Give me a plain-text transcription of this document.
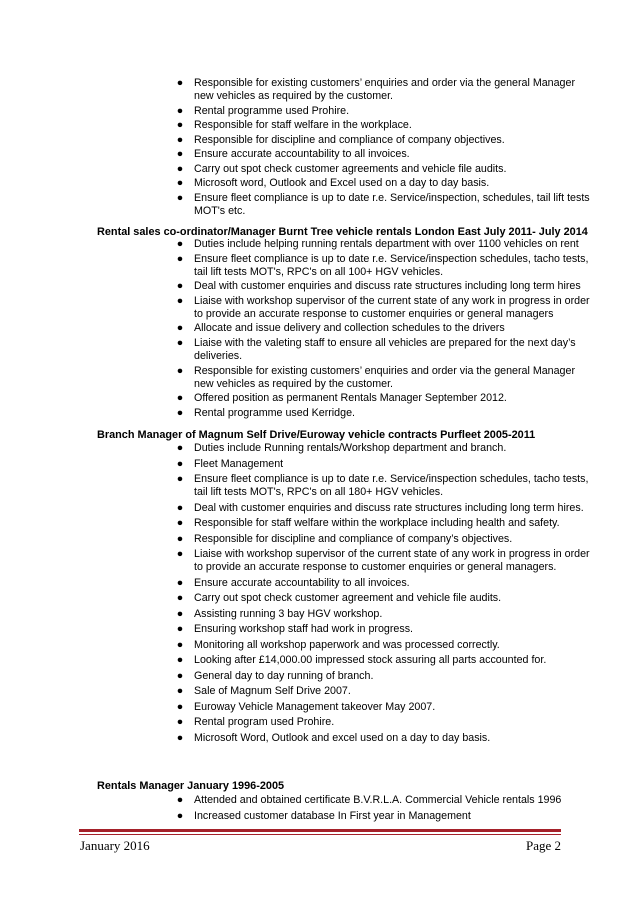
● Responsible for existing customers’ enquiries and order via the general Manager new vehicles as required by the customer.
● Rental programme used Prohire.
● Responsible for staff welfare in the workplace.
● Responsible for discipline and compliance of company objectives.
● Ensure accurate accountability to all invoices.
● Carry out spot check customer agreements and vehicle file audits.
● Microsoft word, Outlook and Excel used on a day to day basis.
● Ensure fleet compliance is up to date r.e. Service/inspection, schedules, tail lift tests MOT's etc.
Rental sales co-ordinator/Manager Burnt Tree vehicle rentals London East July 2011- July 2014
● Duties include helping running rentals department with over 1100 vehicles on rent
● Ensure fleet compliance is up to date r.e. Service/inspection schedules, tacho tests, tail lift tests MOT's, RPC's on all 100+ HGV vehicles.
● Deal with customer enquiries and discuss rate structures including long term hires
● Liaise with workshop supervisor of the current state of any work in progress in order to provide an accurate response to customer enquiries or general managers
● Allocate and issue delivery and collection schedules to the drivers
● Liaise with the valeting staff to ensure all vehicles are prepared for the next day’s deliveries.
● Responsible for existing customers’ enquiries and order via the general Manager new vehicles as required by the customer.
● Offered position as permanent Rentals Manager September 2012.
● Rental programme used Kerridge.
Branch Manager of Magnum Self Drive/Euroway vehicle contracts Purfleet 2005-2011
● Duties include Running rentals/Workshop department and branch.
● Fleet Management
● Ensure fleet compliance is up to date r.e. Service/inspection schedules, tacho tests, tail lift tests MOT's, RPC's on all 180+ HGV vehicles.
● Deal with customer enquiries and discuss rate structures including long term hires.
● Responsible for staff welfare within the workplace including health and safety.
● Responsible for discipline and compliance of company’s objectives.
● Liaise with workshop supervisor of the current state of any work in progress in order to provide an accurate response to customer enquiries or general managers.
● Ensure accurate accountability to all invoices.
● Carry out spot check customer agreement and vehicle file audits.
● Assisting running 3 bay HGV workshop.
● Ensuring workshop staff had work in progress.
● Monitoring all workshop paperwork and was processed correctly.
● Looking after £14,000.00 impressed stock assuring all parts accounted for.
● General day to day running of branch.
● Sale of Magnum Self Drive 2007.
● Euroway Vehicle Management takeover May 2007.
● Rental program used Prohire.
● Microsoft Word, Outlook and excel used on a day to day basis.
Rentals Manager January 1996-2005
● Attended and obtained certificate B.V.R.L.A. Commercial Vehicle rentals 1996
● Increased customer database In First year in Management
January 2016	Page 2
